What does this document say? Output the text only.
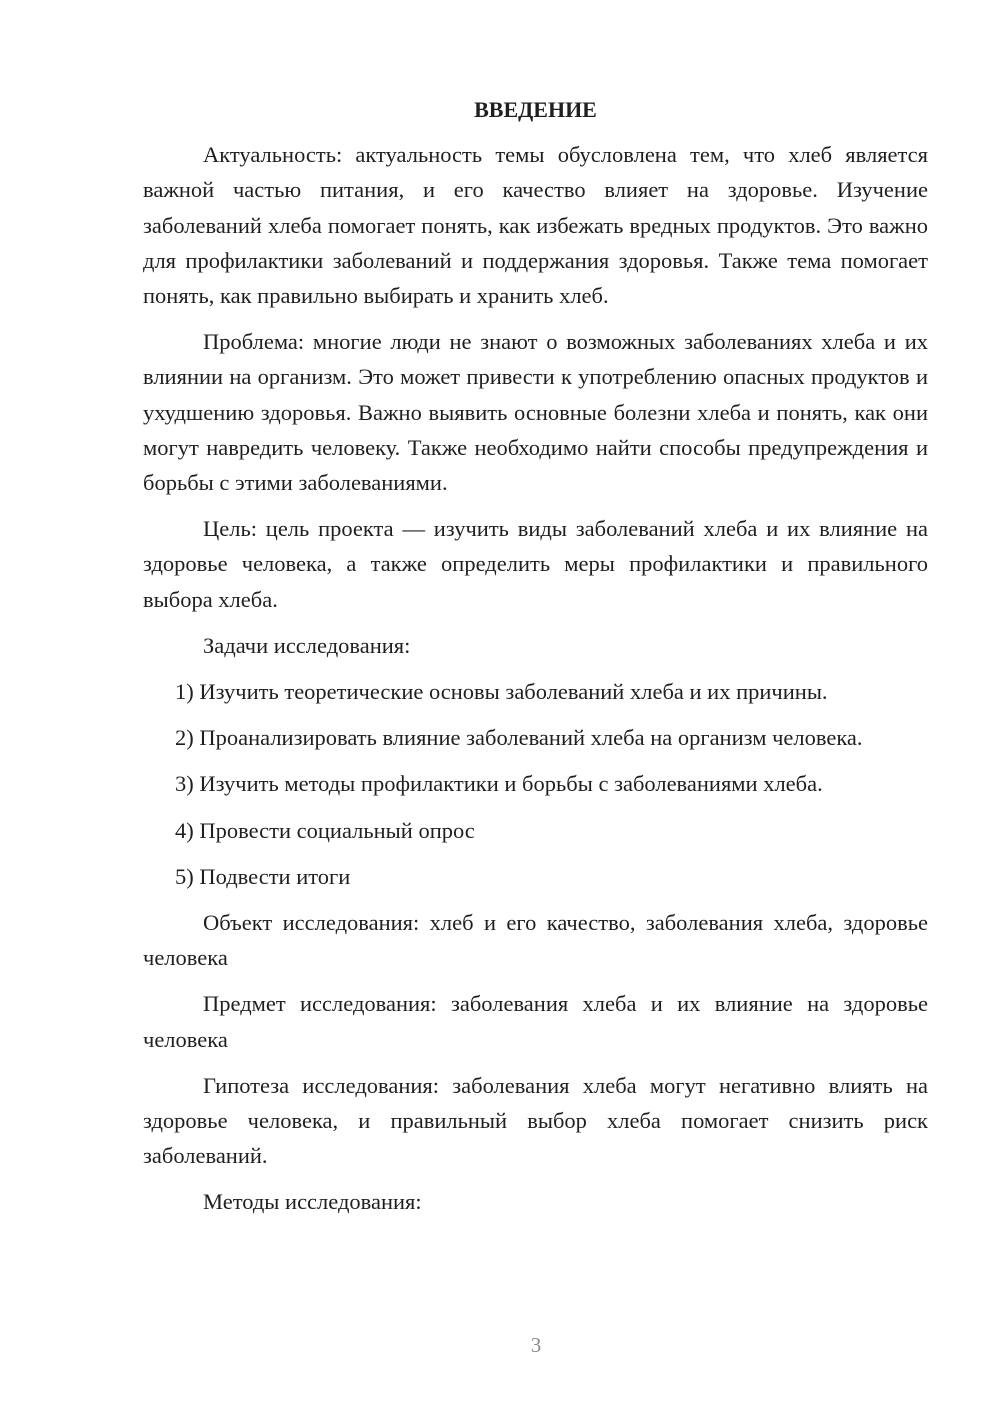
ВВЕДЕНИЕ

Актуальность: актуальность темы обусловлена тем, что хлеб является важной частью питания, и его качество влияет на здоровье. Изучение заболеваний хлеба помогает понять, как избежать вредных продуктов. Это важно для профилактики заболеваний и поддержания здоровья. Также тема помогает понять, как правильно выбирать и хранить хлеб.

Проблема: многие люди не знают о возможных заболеваниях хлеба и их влиянии на организм. Это может привести к употреблению опасных продуктов и ухудшению здоровья. Важно выявить основные болезни хлеба и понять, как они могут навредить человеку. Также необходимо найти способы предупреждения и борьбы с этими заболеваниями.

Цель: цель проекта — изучить виды заболеваний хлеба и их влияние на здоровье человека, а также определить меры профилактики и правильного выбора хлеба.

Задачи исследования:

1) Изучить теоретические основы заболеваний хлеба и их причины.

2) Проанализировать влияние заболеваний хлеба на организм человека.

3) Изучить методы профилактики и борьбы с заболеваниями хлеба.

4) Провести социальный опрос

5) Подвести итоги

Объект исследования: хлеб и его качество, заболевания хлеба, здоровье человека

Предмет исследования: заболевания хлеба и их влияние на здоровье человека

Гипотеза исследования: заболевания хлеба могут негативно влиять на здоровье человека, и правильный выбор хлеба помогает снизить риск заболеваний.

Методы исследования:

3
